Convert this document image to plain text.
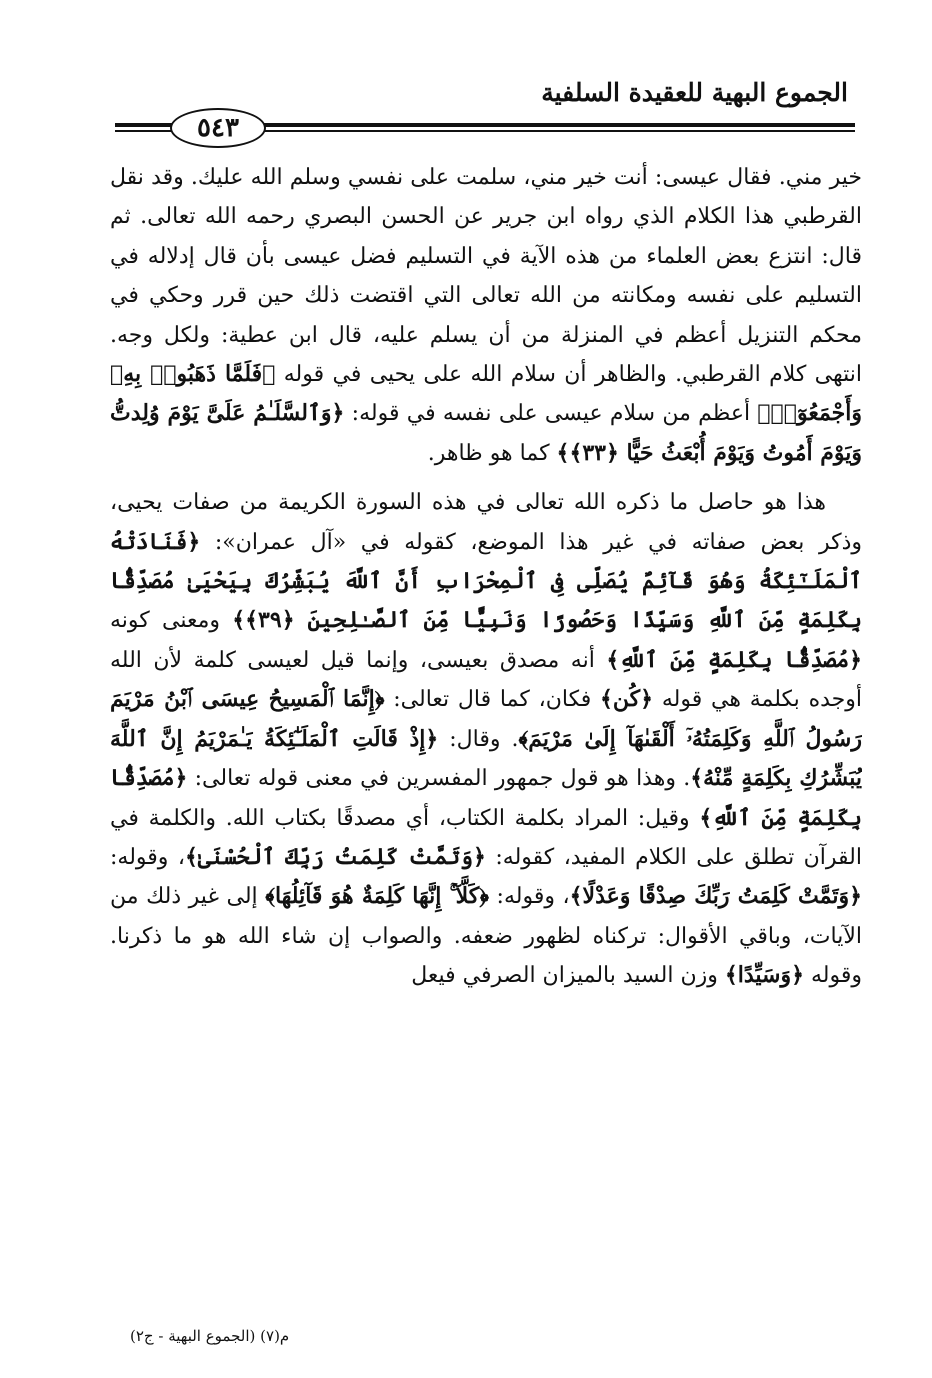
الجموع البهية للعقيدة السلفية
٥٤٣

خير مني. فقال عيسى: أنت خير مني، سلمت على نفسي وسلم الله عليك. وقد نقل القرطبي هذا الكلام الذي رواه ابن جرير عن الحسن البصري رحمه الله تعالى. ثم قال: انتزع بعض العلماء من هذه الآية في التسليم فضل عيسى بأن قال إدلاله في التسليم على نفسه ومكانته من الله تعالى التي اقتضت ذلك حين قرر وحكي في محكم التنزيل أعظم في المنزلة من أن يسلم عليه، قال ابن عطية: ولكل وجه. انتهى كلام القرطبي. والظاهر أن سلام الله على يحيى في قوله ﴿فَلَمَّا ذَهَبُوا۟ بِهِۦ وَأَجْمَعُوٓا۟﴾ أعظم من سلام عيسى على نفسه في قوله: ﴿وَٱلسَّلَـٰمُ عَلَىَّ يَوْمَ وُلِدتُّ وَيَوْمَ أَمُوتُ وَيَوْمَ أُبْعَثُ حَيًّا ﴿٣٣﴾﴾ كما هو ظاهر.

هذا هو حاصل ما ذكره الله تعالى في هذه السورة الكريمة من صفات يحيى، وذكر بعض صفاته في غير هذا الموضع، كقوله في «آل عمران»: ﴿فَنَادَتْهُ ٱلْمَلَـٰٓئِكَةُ وَهُوَ قَآئِمٌ يُصَلِّى فِى ٱلْمِحْرَابِ أَنَّ ٱللَّهَ يُبَشِّرُكَ بِيَحْيَىٰ مُصَدِّقًۢا بِكَلِمَةٍ مِّنَ ٱللَّهِ وَسَيِّدًا وَحَصُورًا وَنَبِيًّا مِّنَ ٱلصَّـٰلِحِينَ ﴿٣٩﴾﴾ ومعنى كونه ﴿مُصَدِّقًۢا بِكَلِمَةٍ مِّنَ ٱللَّهِ﴾ أنه مصدق بعيسى، وإنما قيل لعيسى كلمة لأن الله أوجده بكلمة هي قوله ﴿كُن﴾ فكان، كما قال تعالى: ﴿إِنَّمَا ٱلْمَسِيحُ عِيسَى ٱبْنُ مَرْيَمَ رَسُولُ ٱللَّهِ وَكَلِمَتُهُۥٓ أَلْقَىٰهَآ إِلَىٰ مَرْيَمَ﴾. وقال: ﴿إِذْ قَالَتِ ٱلْمَلَـٰٓئِكَةُ يَـٰمَرْيَمُ إِنَّ ٱللَّهَ يُبَشِّرُكِ بِكَلِمَةٍ مِّنْهُ﴾. وهذا هو قول جمهور المفسرين في معنى قوله تعالى: ﴿مُصَدِّقًۢا بِكَلِمَةٍ مِّنَ ٱللَّهِ﴾ وقيل: المراد بكلمة الكتاب، أي مصدقًا بكتاب الله. والكلمة في القرآن تطلق على الكلام المفيد، كقوله: ﴿وَتَمَّتْ كَلِمَتُ رَبِّكَ ٱلْحُسْنَىٰ﴾، وقوله: ﴿وَتَمَّتْ كَلِمَتُ رَبِّكَ صِدْقًا وَعَدْلًا﴾، وقوله: ﴿كَلَّآ ۚ إِنَّهَا كَلِمَةٌ هُوَ قَآئِلُهَا﴾ إلى غير ذلك من الآيات، وباقي الأقوال: تركناه لظهور ضعفه. والصواب إن شاء الله هو ما ذكرنا. وقوله ﴿وَسَيِّدًا﴾ وزن السيد بالميزان الصرفي فيعل

م(٧) (الجموع البهية - ج٢)
